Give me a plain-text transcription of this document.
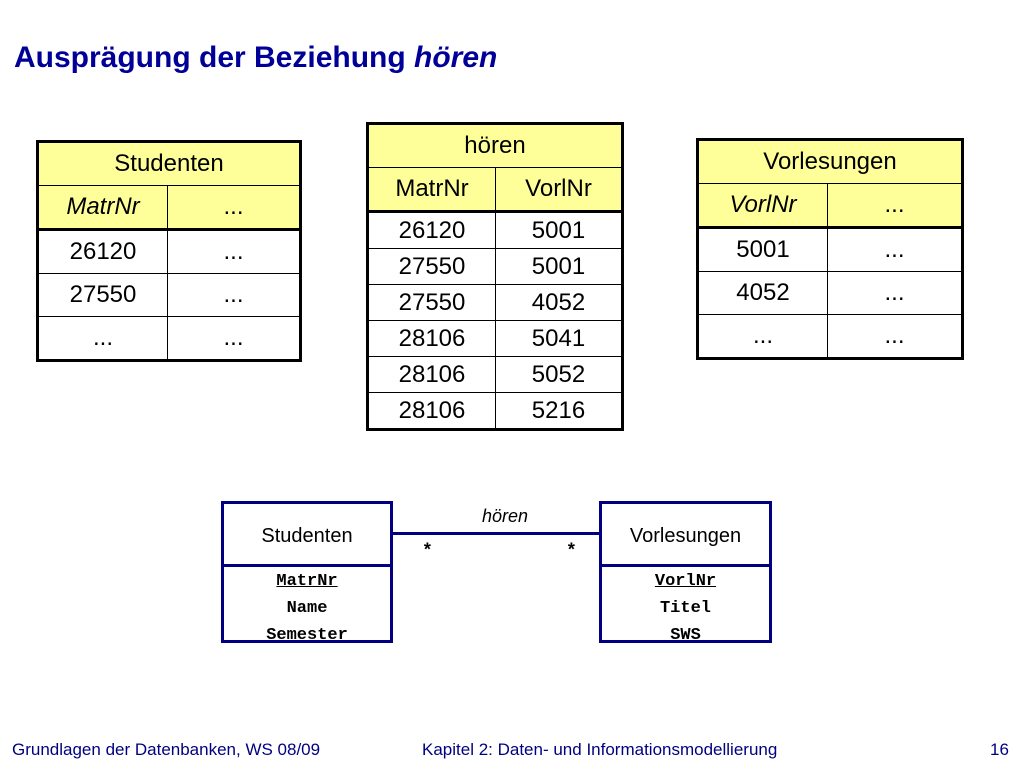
Ausprägung der Beziehung hören
Studenten	
MatrNr	...
26120	...
27550	...
...	...
hören	
MatrNr	VorlNr
26120	5001
27550	5001
27550	4052
28106	5041
28106	5052
28106	5216
Vorlesungen	
VorlNr	...
5001	...
4052	...
...	...
Studenten
MatrNr
Name
Semester
hören
*	*
Vorlesungen
VorlNr
Titel
SWS
Grundlagen der Datenbanken, WS 08/09	Kapitel 2: Daten- und Informationsmodellierung	16
